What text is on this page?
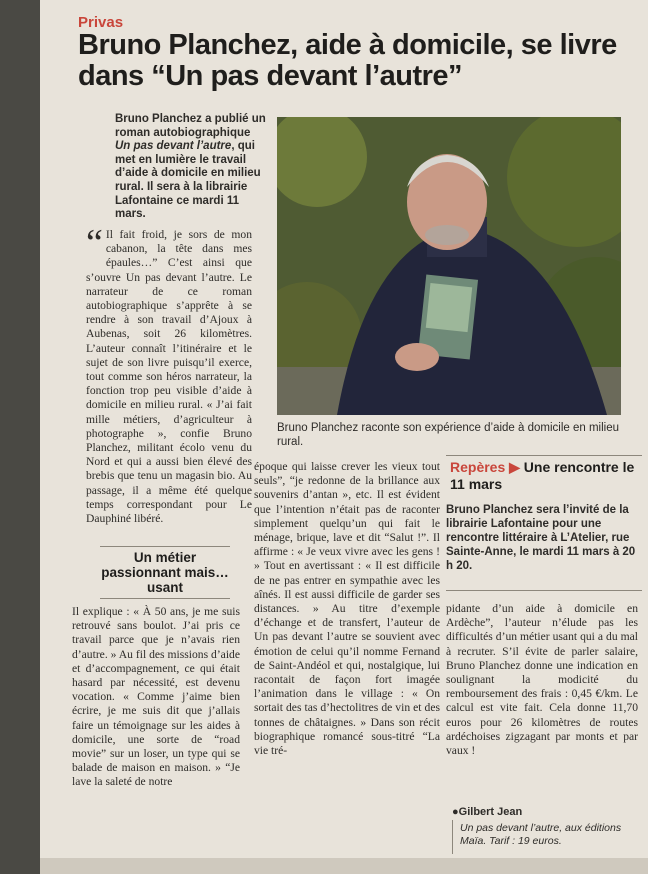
Privas
Bruno Planchez, aide à domicile, se livre dans “Un pas devant l’autre”
Bruno Planchez a publié un roman autobiographique Un pas devant l’autre, qui met en lumière le travail d’aide à domicile en milieu rural. Il sera à la librairie Lafontaine ce mardi 11 mars.
Bruno Planchez raconte son expérience d’aide à domicile en milieu rural.
“ Il fait froid, je sors de mon cabanon, la tête dans mes épaules…” C’est ainsi que s’ouvre Un pas devant l’autre. Le narrateur de ce roman autobiographique s’apprête à se rendre à son travail d’Ajoux à Aubenas, soit 26 kilomètres. L’auteur connaît l’itinéraire et le sujet de son livre puisqu’il exerce, tout comme son héros narrateur, la fonction trop peu visible d’aide à domicile en milieu rural. « J’ai fait mille métiers, d’agriculteur à photographe », confie Bruno Planchez, militant écolo venu du Nord et qui a aussi bien élevé des brebis que tenu un magasin bio. Au passage, il a même été quelque temps correspondant pour Le Dauphiné libéré.
Un métier passionnant mais… usant
Il explique : « À 50 ans, je me suis retrouvé sans boulot. J’ai pris ce travail parce que je n’avais rien d’autre. » Au fil des missions d’aide et d’accompagnement, ce qui était hasard par nécessité, est devenu vocation. « Comme j’aime bien écrire, je me suis dit que j’allais faire un témoignage sur les aides à domicile, une sorte de “road movie” sur un loser, un type qui se balade de maison en maison. » “Je lave la saleté de notre
époque qui laisse crever les vieux tout seuls”, “je redonne de la brillance aux souvenirs d’antan », etc. Il est évident que l’intention n’était pas de raconter simplement quelqu’un qui fait le ménage, brique, lave et dit “Salut !”. Il affirme : « Je veux vivre avec les gens ! » Tout en avertissant : « Il est difficile de ne pas entrer en sympathie avec les aînés. Il est aussi difficile de garder ses distances. » Au titre d’exemple d’échange et de transfert, l’auteur de Un pas devant l’autre se souvient avec émotion de celui qu’il nomme Fernand de Saint-Andéol et qui, nostalgique, lui racontait de façon fort imagée l’animation dans le village : « On sortait des tas d’hectolitres de vin et des tonnes de châtaignes. » Dans son récit biographique romancé sous-titré “La vie tré-
Repères ▶ Une rencontre le 11 mars
Bruno Planchez sera l’invité de la librairie Lafontaine pour une rencontre littéraire à L’Atelier, rue Sainte-Anne, le mardi 11 mars à 20 h 20.
pidante d’un aide à domicile en Ardèche”, l’auteur n’élude pas les difficultés d’un métier usant qui a du mal à recruter. S’il évite de parler salaire, Bruno Planchez donne une indication en soulignant la modicité du remboursement des frais : 0,45 €/km. Le calcul est vite fait. Cela donne 11,70 euros pour 26 kilomètres de routes ardéchoises zigzagant par monts et par vaux !
●Gilbert Jean
Un pas devant l’autre, aux éditions Maïa. Tarif : 19 euros.
